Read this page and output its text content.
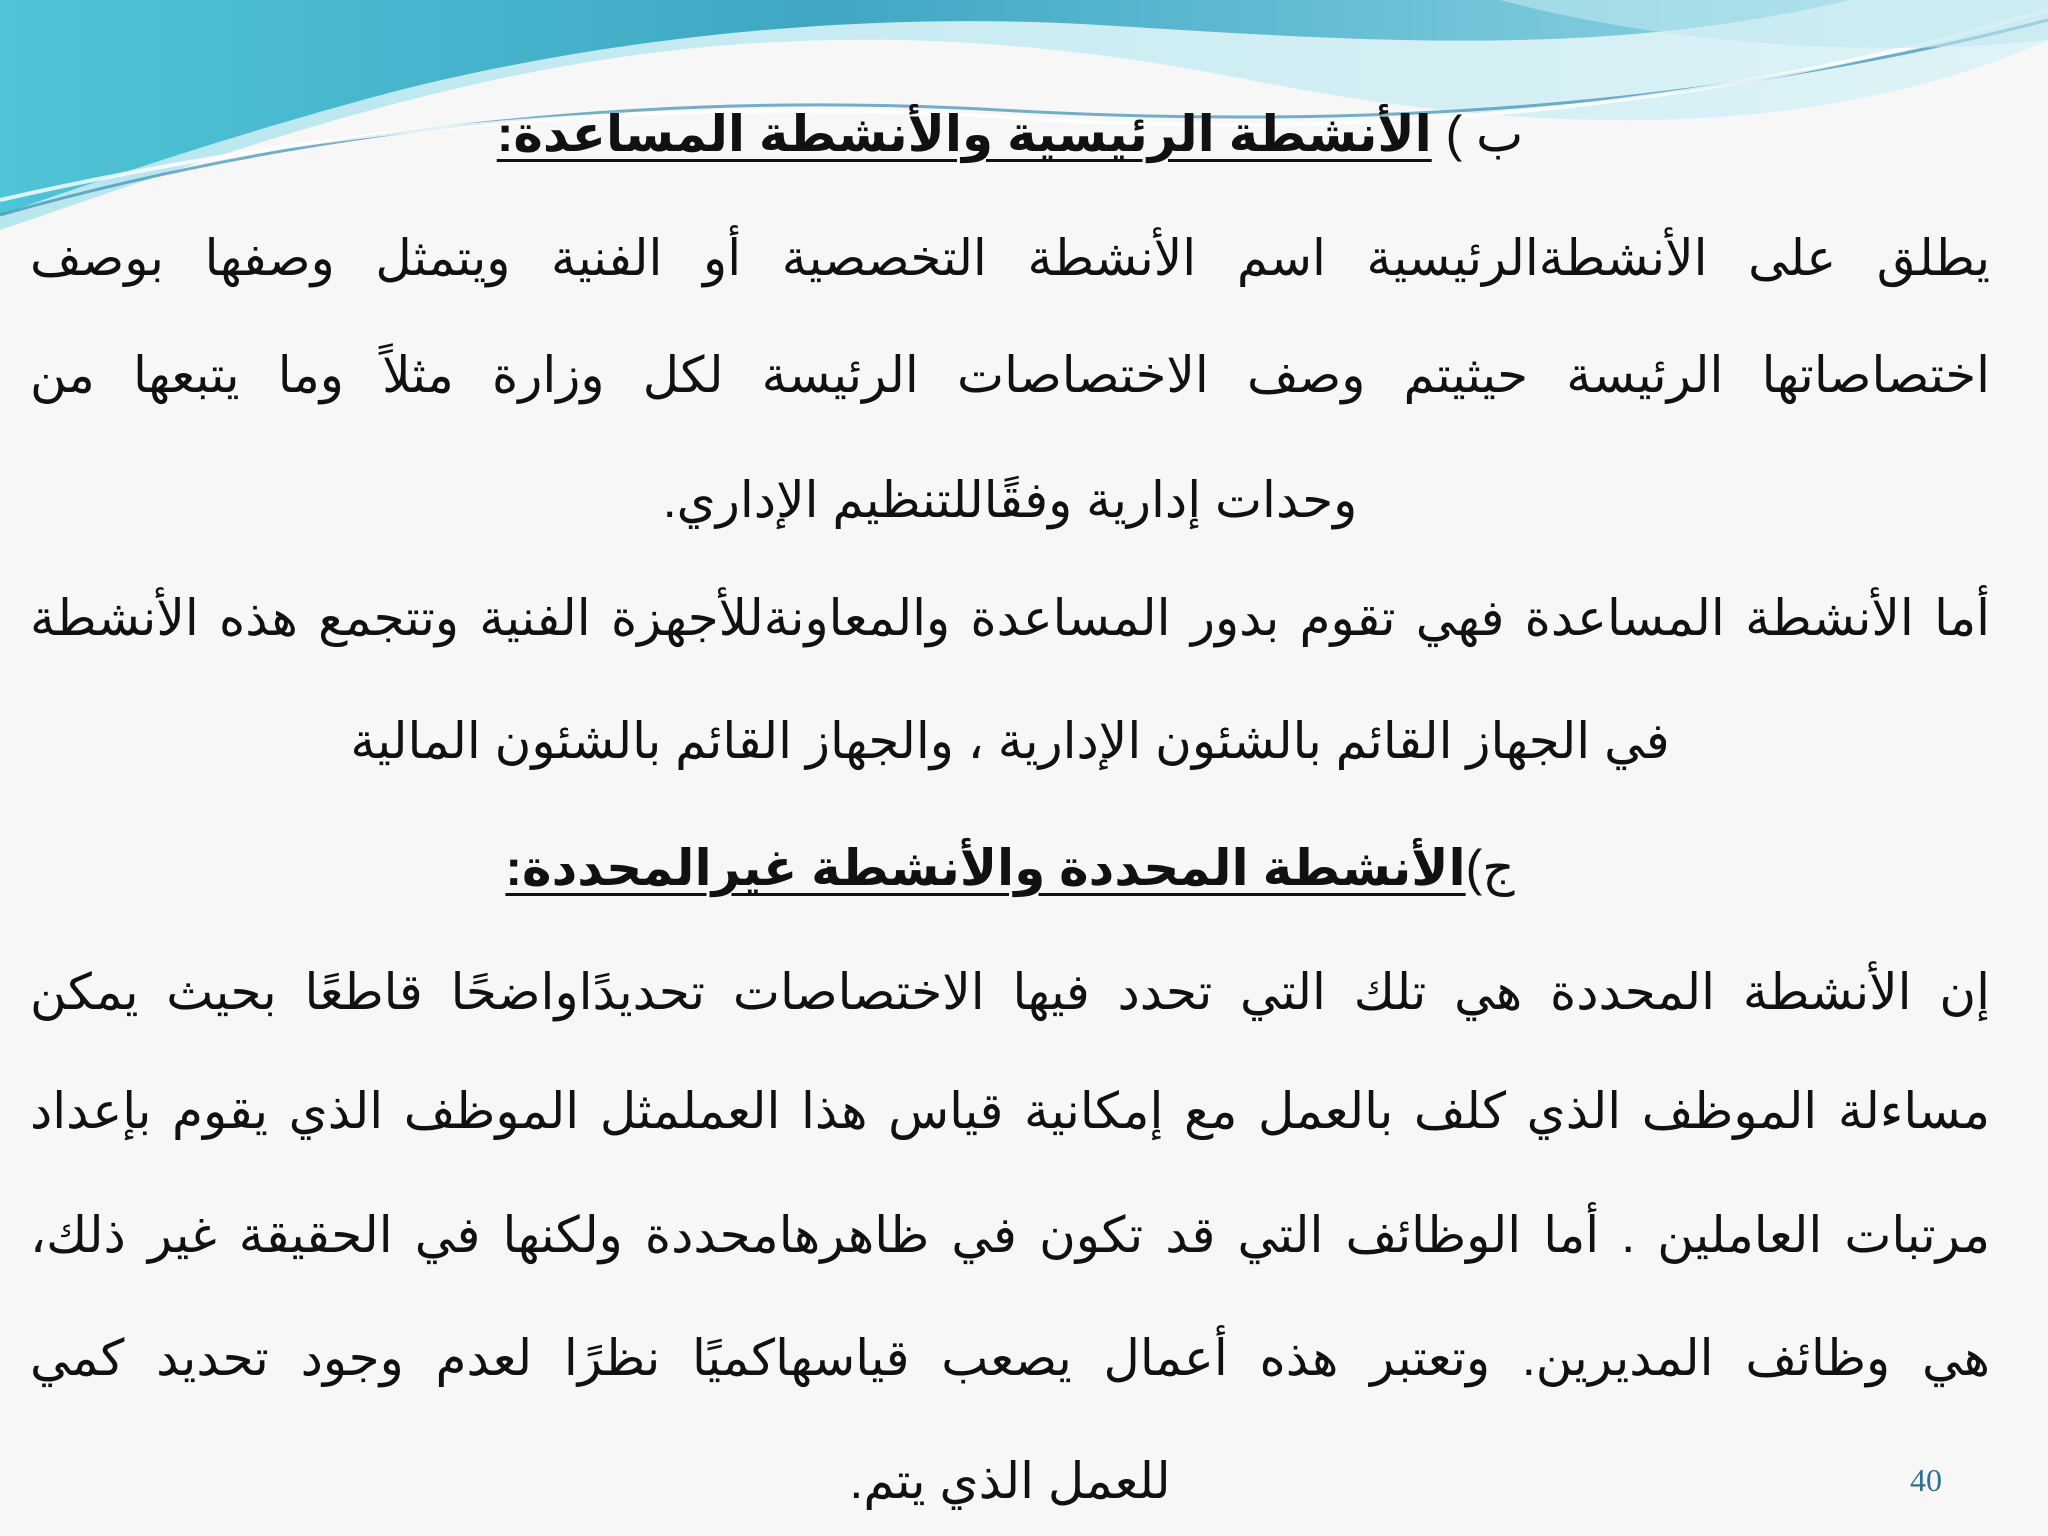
ب ) الأنشطة الرئيسية والأنشطة المساعدة:
يطلق على الأنشطةالرئيسية اسم الأنشطة التخصصية أو الفنية ويتمثل وصفها بوصف
اختصاصاتها الرئيسة حيثيتم وصف الاختصاصات الرئيسة لكل وزارة مثلاً وما يتبعها من
وحدات إدارية وفقًاللتنظيم الإداري.
أما الأنشطة المساعدة فهي تقوم بدور المساعدة والمعاونةللأجهزة الفنية وتتجمع هذه الأنشطة
في الجهاز القائم بالشئون الإدارية ، والجهاز القائم بالشئون المالية
ج)الأنشطة المحددة والأنشطة غيرالمحددة:
إن الأنشطة المحددة هي تلك التي تحدد فيها الاختصاصات تحديدًاواضحًا قاطعًا بحيث يمكن
مساءلة الموظف الذي كلف بالعمل مع إمكانية قياس هذا العملمثل الموظف الذي يقوم بإعداد
مرتبات العاملين . أما الوظائف التي قد تكون في ظاهرهامحددة ولكنها في الحقيقة غير ذلك،
هي وظائف المديرين. وتعتبر هذه أعمال يصعب قياسهاكميًا نظرًا لعدم وجود تحديد كمي
للعمل الذي يتم.	40
